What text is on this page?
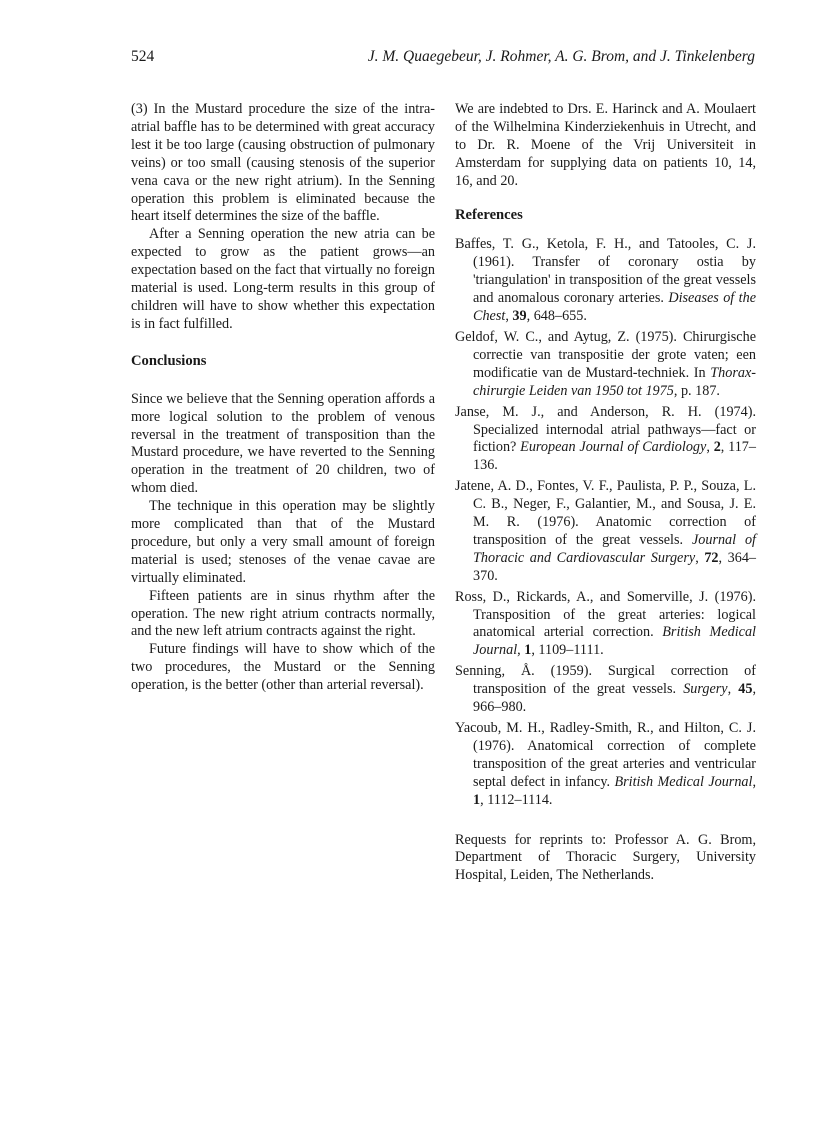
524	J. M. Quaegebeur, J. Rohmer, A. G. Brom, and J. Tinkelenberg

(3) In the Mustard procedure the size of the intra-atrial baffle has to be determined with great accuracy lest it be too large (causing obstruction of pulmonary veins) or too small (causing stenosis of the superior vena cava or the new right atrium). In the Senning operation this problem is eliminated because the heart itself determines the size of the baffle.

After a Senning operation the new atria can be expected to grow as the patient grows—an expectation based on the fact that virtually no foreign material is used. Long-term results in this group of children will have to show whether this expectation is in fact fulfilled.

Conclusions

Since we believe that the Senning operation affords a more logical solution to the problem of venous reversal in the treatment of transposition than the Mustard procedure, we have reverted to the Senning operation in the treatment of 20 children, two of whom died.

The technique in this operation may be slightly more complicated than that of the Mustard procedure, but only a very small amount of foreign material is used; stenoses of the venae cavae are virtually eliminated.

Fifteen patients are in sinus rhythm after the operation. The new right atrium contracts normally, and the new left atrium contracts against the right.

Future findings will have to show which of the two procedures, the Mustard or the Senning operation, is the better (other than arterial reversal).

We are indebted to Drs. E. Harinck and A. Moulaert of the Wilhelmina Kinderziekenhuis in Utrecht, and to Dr. R. Moene of the Vrij Universiteit in Amsterdam for supplying data on patients 10, 14, 16, and 20.

References

Baffes, T. G., Ketola, F. H., and Tatooles, C. J. (1961). Transfer of coronary ostia by 'triangulation' in transposition of the great vessels and anomalous coronary arteries. Diseases of the Chest, 39, 648–655.

Geldof, W. C., and Aytug, Z. (1975). Chirurgische correctie van transpositie der grote vaten; een modificatie van de Mustard-techniek. In Thorax-chirurgie Leiden van 1950 tot 1975, p. 187.

Janse, M. J., and Anderson, R. H. (1974). Specialized internodal atrial pathways—fact or fiction? European Journal of Cardiology, 2, 117–136.

Jatene, A. D., Fontes, V. F., Paulista, P. P., Souza, L. C. B., Neger, F., Galantier, M., and Sousa, J. E. M. R. (1976). Anatomic correction of transposition of the great vessels. Journal of Thoracic and Cardiovascular Surgery, 72, 364–370.

Ross, D., Rickards, A., and Somerville, J. (1976). Transposition of the great arteries: logical anatomical arterial correction. British Medical Journal, 1, 1109–1111.

Senning, Å. (1959). Surgical correction of transposition of the great vessels. Surgery, 45, 966–980.

Yacoub, M. H., Radley-Smith, R., and Hilton, C. J. (1976). Anatomical correction of complete transposition of the great arteries and ventricular septal defect in infancy. British Medical Journal, 1, 1112–1114.

Requests for reprints to: Professor A. G. Brom, Department of Thoracic Surgery, University Hospital, Leiden, The Netherlands.
